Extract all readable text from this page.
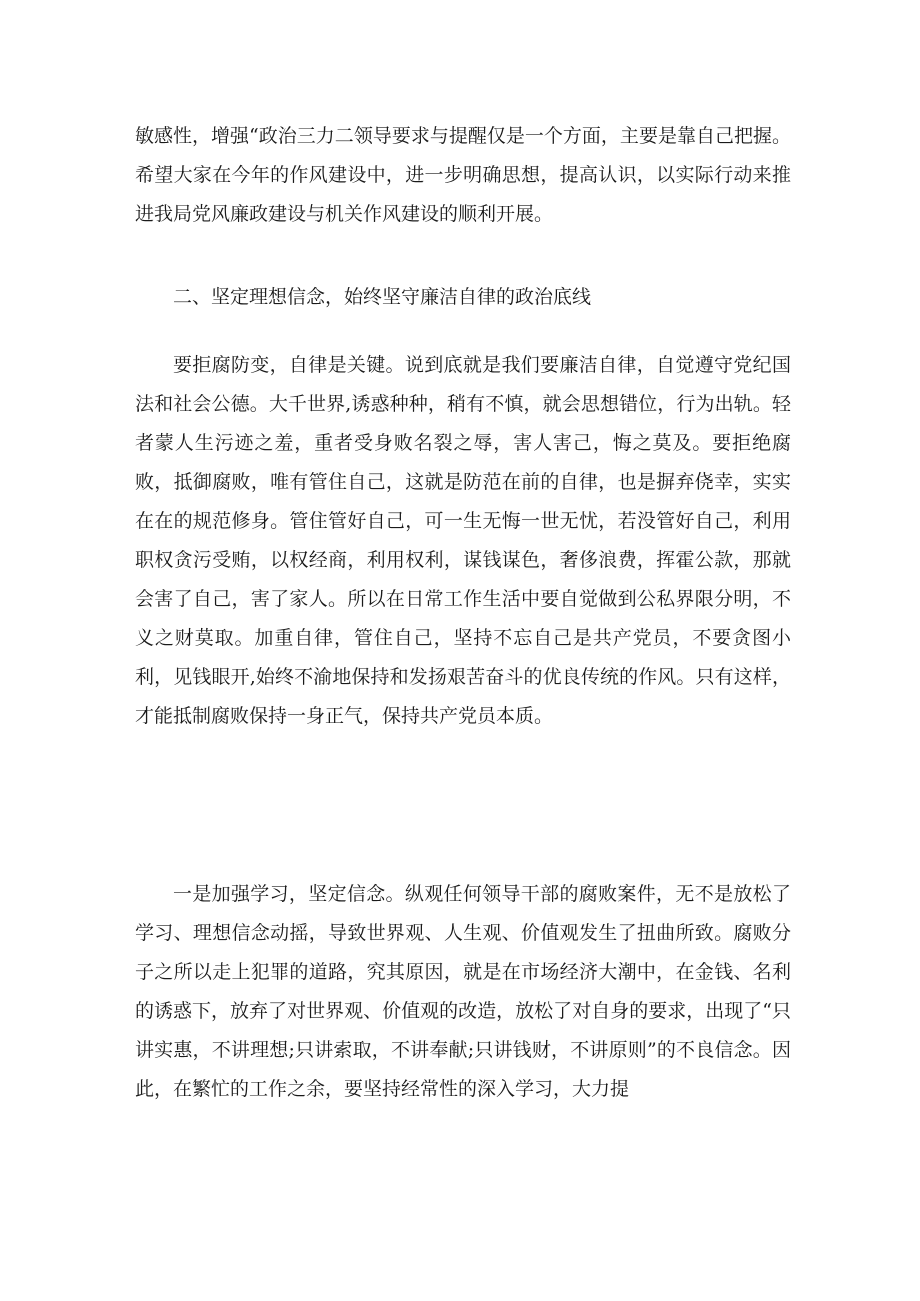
敏感性，增强“政治三力二领导要求与提醒仅是一个方面，主要是靠自己把握。希望大家在今年的作风建设中，进一步明确思想，提高认识，以实际行动来推进我局党风廉政建设与机关作风建设的顺利开展。

二、坚定理想信念，始终坚守廉洁自律的政治底线

要拒腐防变，自律是关键。说到底就是我们要廉洁自律，自觉遵守党纪国法和社会公德。大千世界,诱惑种种，稍有不慎，就会思想错位，行为出轨。轻者蒙人生污迹之羞，重者受身败名裂之辱，害人害己，悔之莫及。要拒绝腐败，抵御腐败，唯有管住自己，这就是防范在前的自律，也是摒弃侥幸，实实在在的规范修身。管住管好自己，可一生无悔一世无忧，若没管好自己，利用职权贪污受贿，以权经商，利用权利，谋钱谋色，奢侈浪费，挥霍公款，那就会害了自己，害了家人。所以在日常工作生活中要自觉做到公私界限分明，不义之财莫取。加重自律，管住自己，坚持不忘自己是共产党员，不要贪图小利，见钱眼开,始终不渝地保持和发扬艰苦奋斗的优良传统的作风。只有这样，才能抵制腐败保持一身正气，保持共产党员本质。

一是加强学习，坚定信念。纵观任何领导干部的腐败案件，无不是放松了学习、理想信念动摇，导致世界观、人生观、价值观发生了扭曲所致。腐败分子之所以走上犯罪的道路，究其原因，就是在市场经济大潮中，在金钱、名利的诱惑下，放弃了对世界观、价值观的改造，放松了对自身的要求，出现了“只讲实惠，不讲理想;只讲索取，不讲奉献;只讲钱财，不讲原则”的不良信念。因此，在繁忙的工作之余，要坚持经常性的深入学习，大力提
